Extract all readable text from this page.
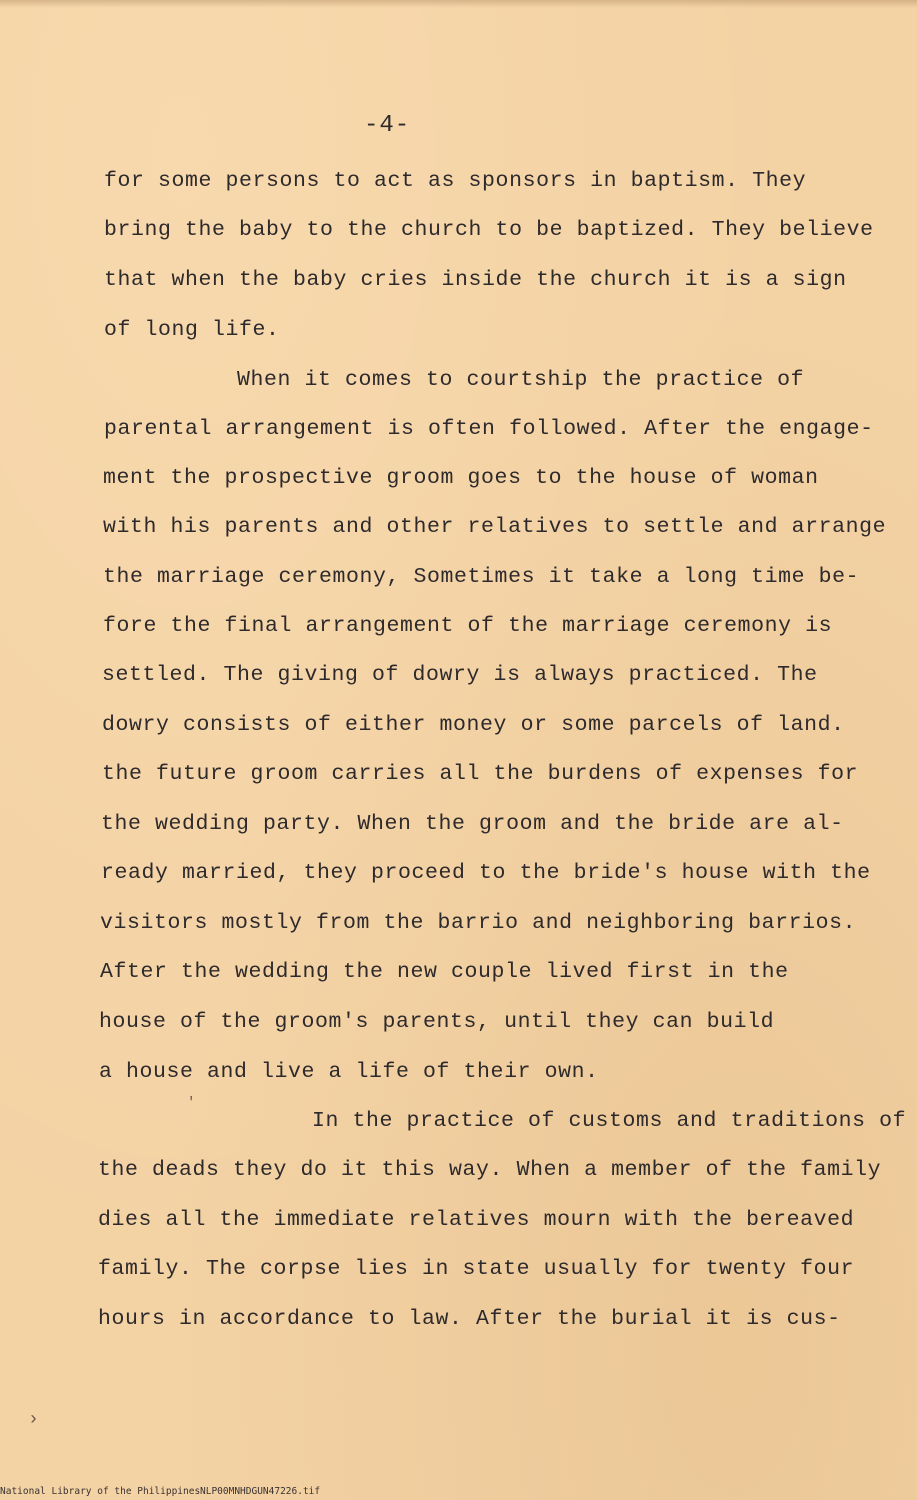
-4-

for some persons to act as sponsors in baptism. They

bring the baby to the church to be baptized. They believe

that when the baby cries inside the church it is a sign

of long life.

When it comes to courtship the practice of

parental arrangement is often followed. After the engage-

ment the prospective groom goes to the house of woman

with his parents and other relatives to settle and arrange

the marriage ceremony, Sometimes it take a long time be-

fore the final arrangement of the marriage ceremony is

settled. The giving of dowry is always practiced. The

dowry consists of either money or some parcels of land.

the future groom carries all the burdens of expenses for

the wedding party. When the groom and the bride are al-

ready married, they proceed to the bride's house with the

visitors mostly from the barrio and neighboring barrios.

After the wedding the new couple lived first in the

house of the groom's parents, until they can build

a house and live a life of their own.

In the practice of customs and traditions of

the deads they do it this way. When a member of the family

dies all the immediate relatives mourn with the bereaved

family. The corpse lies in state usually for twenty four

hours in accordance to law. After the burial it is cus-

'
›

National Library of the Philippines NLP00MNHDGUN47226.tif
